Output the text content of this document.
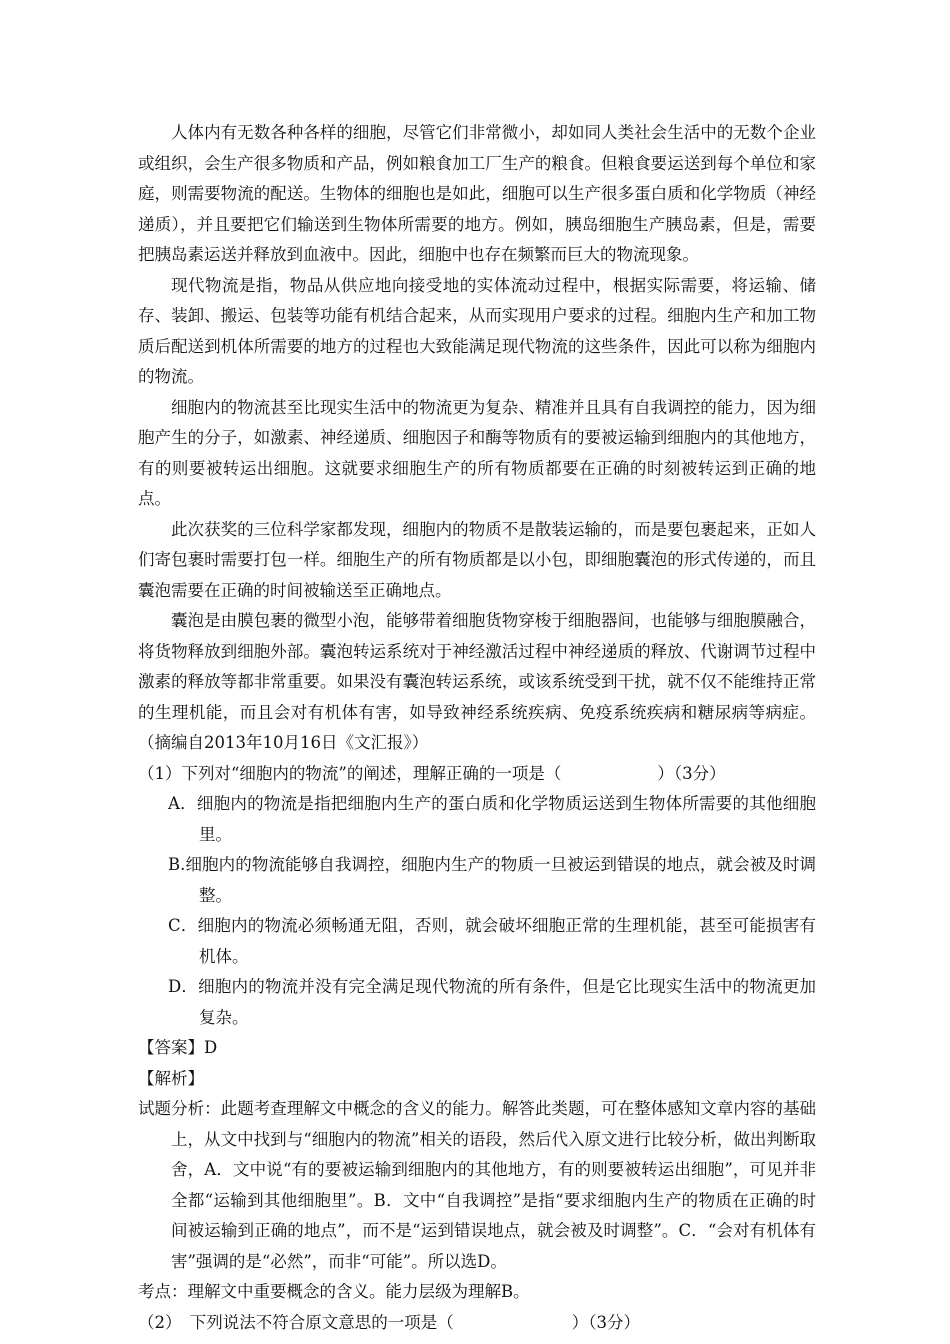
人体内有无数各种各样的细胞，尽管它们非常微小，却如同人类社会生活中的无数个企业或组织，会生产很多物质和产品，例如粮食加工厂生产的粮食。但粮食要运送到每个单位和家庭，则需要物流的配送。生物体的细胞也是如此，细胞可以生产很多蛋白质和化学物质（神经递质），并且要把它们输送到生物体所需要的地方。例如，胰岛细胞生产胰岛素，但是，需要把胰岛素运送并释放到血液中。因此，细胞中也存在频繁而巨大的物流现象。

现代物流是指，物品从供应地向接受地的实体流动过程中，根据实际需要，将运输、储存、装卸、搬运、包装等功能有机结合起来，从而实现用户要求的过程。细胞内生产和加工物质后配送到机体所需要的地方的过程也大致能满足现代物流的这些条件，因此可以称为细胞内的物流。

细胞内的物流甚至比现实生活中的物流更为复杂、精准并且具有自我调控的能力，因为细胞产生的分子，如激素、神经递质、细胞因子和酶等物质有的要被运输到细胞内的其他地方，有的则要被转运出细胞。这就要求细胞生产的所有物质都要在正确的时刻被转运到正确的地点。

此次获奖的三位科学家都发现，细胞内的物质不是散装运输的，而是要包裹起来，正如人们寄包裹时需要打包一样。细胞生产的所有物质都是以小包，即细胞囊泡的形式传递的，而且囊泡需要在正确的时间被输送至正确地点。

囊泡是由膜包裹的微型小泡，能够带着细胞货物穿梭于细胞器间，也能够与细胞膜融合，将货物释放到细胞外部。囊泡转运系统对于神经激活过程中神经递质的释放、代谢调节过程中激素的释放等都非常重要。如果没有囊泡转运系统，或该系统受到干扰，就不仅不能维持正常的生理机能，而且会对有机体有害，如导致神经系统疾病、免疫系统疾病和糖尿病等病症。（摘编自2013年10月16日《文汇报》）

（1）下列对“细胞内的物流”的阐述，理解正确的一项是（	）（3分）

A．细胞内的物流是指把细胞内生产的蛋白质和化学物质运送到生物体所需要的其他细胞里。

B.细胞内的物流能够自我调控，细胞内生产的物质一旦被运到错误的地点，就会被及时调整。

C．细胞内的物流必须畅通无阻，否则，就会破坏细胞正常的生理机能，甚至可能损害有机体。

D．细胞内的物流并没有完全满足现代物流的所有条件，但是它比现实生活中的物流更加复杂。

【答案】D

【解析】

试题分析：此题考查理解文中概念的含义的能力。解答此类题，可在整体感知文章内容的基础上，从文中找到与“细胞内的物流”相关的语段，然后代入原文进行比较分析，做出判断取舍，A．文中说“有的要被运输到细胞内的其他地方，有的则要被转运出细胞”，可见并非全都“运输到其他细胞里”。B．文中“自我调控”是指“要求细胞内生产的物质在正确的时间被运输到正确的地点”，而不是“运到错误地点，就会被及时调整”。C．“会对有机体有害”强调的是“必然”，而非“可能”。所以选D。

考点：理解文中重要概念的含义。能力层级为理解B。

（2）　下列说法不符合原文意思的一项是（	）（3分）
